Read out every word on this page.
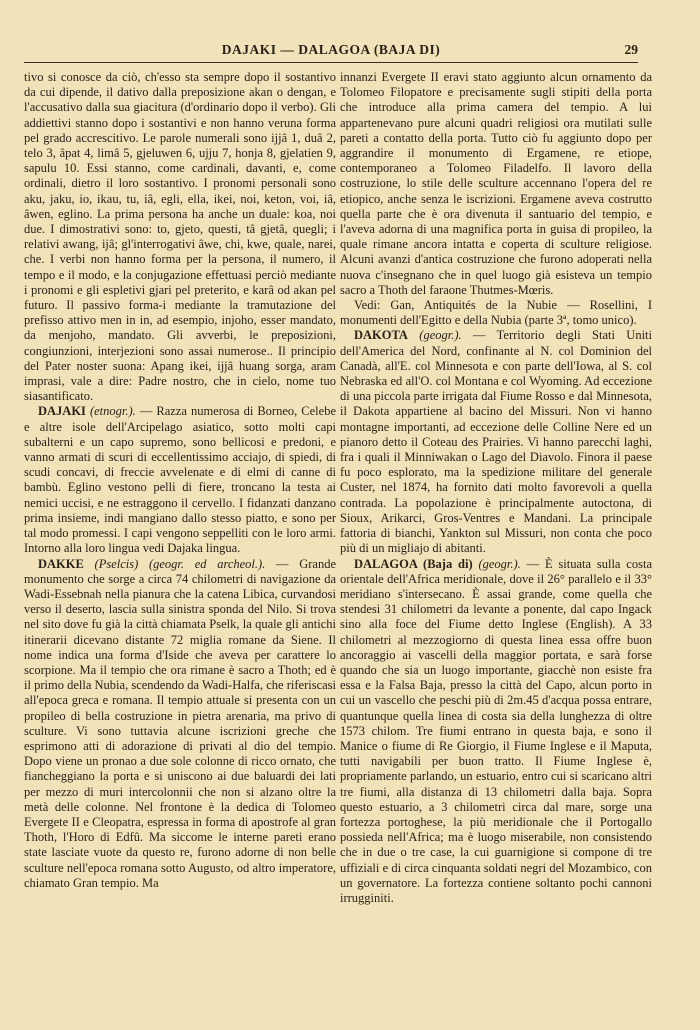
DAJAKI — DALAGOA (BAJA DI)	29

tivo si conosce da ciò, ch'esso sta sempre dopo il sostantivo da cui dipende, il dativo dalla preposizione akan o dengan, e l'accusativo dalla sua giacitura (d'ordinario dopo il verbo). Gli addiettivi stanno dopo i sostantivi e non hanno veruna forma pel grado accrescitivo. Le parole numerali sono ijjâ 1, duâ 2, telo 3, âpat 4, limâ 5, gjeluwen 6, ujju 7, honja 8, gjelatien 9, sapulu 10. Essi stanno, come cardinali, davanti, e, come ordinali, dietro il loro sostantivo. I pronomi personali sono aku, jaku, io, ikau, tu, iâ, egli, ella, ikei, noi, keton, voi, iâ, âwen, eglino. La prima persona ha anche un duale: koa, noi due. I dimostrativi sono: to, gjeto, questi, tâ gjetâ, quegli; i relativi awang, ijâ; gl'interrogativi âwe, chi, kwe, quale, narei, che. I verbi non hanno forma per la persona, il numero, il tempo e il modo, e la conjugazione effettuasi perciò mediante i pronomi e gli espletivi gjari pel preterito, e karâ od akan pel futuro. Il passivo forma-i mediante la tramutazione del prefisso attivo men in in, ad esempio, injoho, esser mandato, da menjoho, mandato. Gli avverbi, le preposizioni, congiunzioni, interjezioni sono assai numerose.. Il principio del Pater noster suona: Apang ikei, ijjâ huang sorga, aram imprasi, vale a dire: Padre nostro, che in cielo, nome tuo siasantificato.

DAJAKI (etnogr.). — Razza numerosa di Borneo, Celebe e altre isole dell'Arcipelago asiatico, sotto molti capi subalterni e un capo supremo, sono bellicosi e predoni, e vanno armati di scuri di eccellentissimo acciajo, di spiedi, di scudi concavi, di freccie avvelenate e di elmi di canne di bambù. Eglino vestono pelli di fiere, troncano la testa ai nemici uccisi, e ne estraggono il cervello. I fidanzati danzano prima insieme, indi mangiano dallo stesso piatto, e sono per tal modo promessi. I capi vengono seppelliti con le loro armi. Intorno alla loro lingua vedi Dajaka lingua.

DAKKE (Pselcis) (geogr. ed archeol.). — Grande monumento che sorge a circa 74 chilometri di navigazione da Wadi-Essebnah nella pianura che la catena Libica, curvandosi verso il deserto, lascia sulla sinistra sponda del Nilo. Si trova nel sito dove fu già la città chiamata Pselk, la quale gli antichi itinerarii dicevano distante 72 miglia romane da Siene. Il nome indica una forma d'Iside che aveva per carattere lo scorpione. Ma il tempio che ora rimane è sacro a Thoth; ed è il primo della Nubia, scendendo da Wadi-Halfa, che riferiscasi all'epoca greca e romana. Il tempio attuale si presenta con un propileo di bella costruzione in pietra arenaria, ma privo di sculture. Vi sono tuttavia alcune iscrizioni greche che esprimono atti di adorazione di privati al dio del tempio. Dopo viene un pronao a due sole colonne di ricco ornato, che fiancheggiano la porta e si uniscono ai due baluardi dei lati per mezzo di muri intercolonnii che non si alzano oltre la metà delle colonne. Nel frontone è la dedica di Tolomeo Evergete II e Cleopatra, espressa in forma di apostrofe al gran Thoth, l'Horo di Edfû. Ma siccome le interne pareti erano state lasciate vuote da questo re, furono adorne di non belle sculture nell'epoca romana sotto Augusto, od altro imperatore, chiamato Gran tempio. Ma

innanzi Evergete II eravi stato aggiunto alcun ornamento da Tolomeo Filopatore e precisamente sugli stipiti della porta che introduce alla prima camera del tempio. A lui appartenevano pure alcuni quadri religiosi ora mutilati sulle pareti a contatto della porta. Tutto ciò fu aggiunto dopo per aggrandire il monumento di Ergamene, re etiope, contemporaneo a Tolomeo Filadelfo. Il lavoro della costruzione, lo stile delle sculture accennano l'opera del re etiopico, anche senza le iscrizioni. Ergamene aveva costrutto quella parte che è ora divenuta il santuario del tempio, e l'aveva adorna di una magnifica porta in guisa di propileo, la quale rimane ancora intatta e coperta di sculture religiose. Alcuni avanzi d'antica costruzione che furono adoperati nella nuova c'insegnano che in quel luogo già esisteva un tempio sacro a Thoth del faraone Thutmes-Mœris.

Vedi: Gan, Antiquités de la Nubie — Rosellini, I monumenti dell'Egitto e della Nubia (parte 3ª, tomo unico).

DAKOTA (geogr.). — Territorio degli Stati Uniti dell'America del Nord, confinante al N. col Dominion del Canadà, all'E. col Minnesota e con parte dell'Iowa, al S. col Nebraska ed all'O. col Montana e col Wyoming. Ad eccezione di una piccola parte irrigata dal Fiume Rosso e dal Minnesota, il Dakota appartiene al bacino del Missuri. Non vi hanno montagne importanti, ad eccezione delle Colline Nere ed un pianoro detto il Coteau des Prairies. Vi hanno parecchi laghi, fra i quali il Minniwakan o Lago del Diavolo. Finora il paese fu poco esplorato, ma la spedizione militare del generale Custer, nel 1874, ha fornito dati molto favorevoli a quella contrada. La popolazione è principalmente autoctona, di Sioux, Arikarci, Gros-Ventres e Mandani. La principale fattoria di bianchi, Yankton sul Missuri, non conta che poco più di un migliajo di abitanti.

DALAGOA (Baja di) (geogr.). — È situata sulla costa orientale dell'Africa meridionale, dove il 26° parallelo e il 33° meridiano s'intersecano. È assai grande, come quella che stendesi 31 chilometri da levante a ponente, dal capo Ingack sino alla foce del Fiume detto Inglese (English). A 33 chilometri al mezzogiorno di questa linea essa offre buon ancoraggio ai vascelli della maggior portata, e sarà forse quando che sia un luogo importante, giacchè non esiste fra essa e la Falsa Baja, presso la città del Capo, alcun porto in cui un vascello che peschi più di 2m.45 d'acqua possa entrare, quantunque quella linea di costa sia della lunghezza di oltre 1573 chilom. Tre fiumi entrano in questa baja, e sono il Manice o fiume di Re Giorgio, il Fiume Inglese e il Maputa, tutti navigabili per buon tratto. Il Fiume Inglese è, propriamente parlando, un estuario, entro cui si scaricano altri tre fiumi, alla distanza di 13 chilometri dalla baja. Sopra questo estuario, a 3 chilometri circa dal mare, sorge una fortezza portoghese, la più meridionale che il Portogallo possieda nell'Africa; ma è luogo miserabile, non consistendo che in due o tre case, la cui guarnigione si compone di tre uffiziali e di circa cinquanta soldati negri del Mozambico, con un governatore. La fortezza contiene soltanto pochi cannoni irrugginiti.
